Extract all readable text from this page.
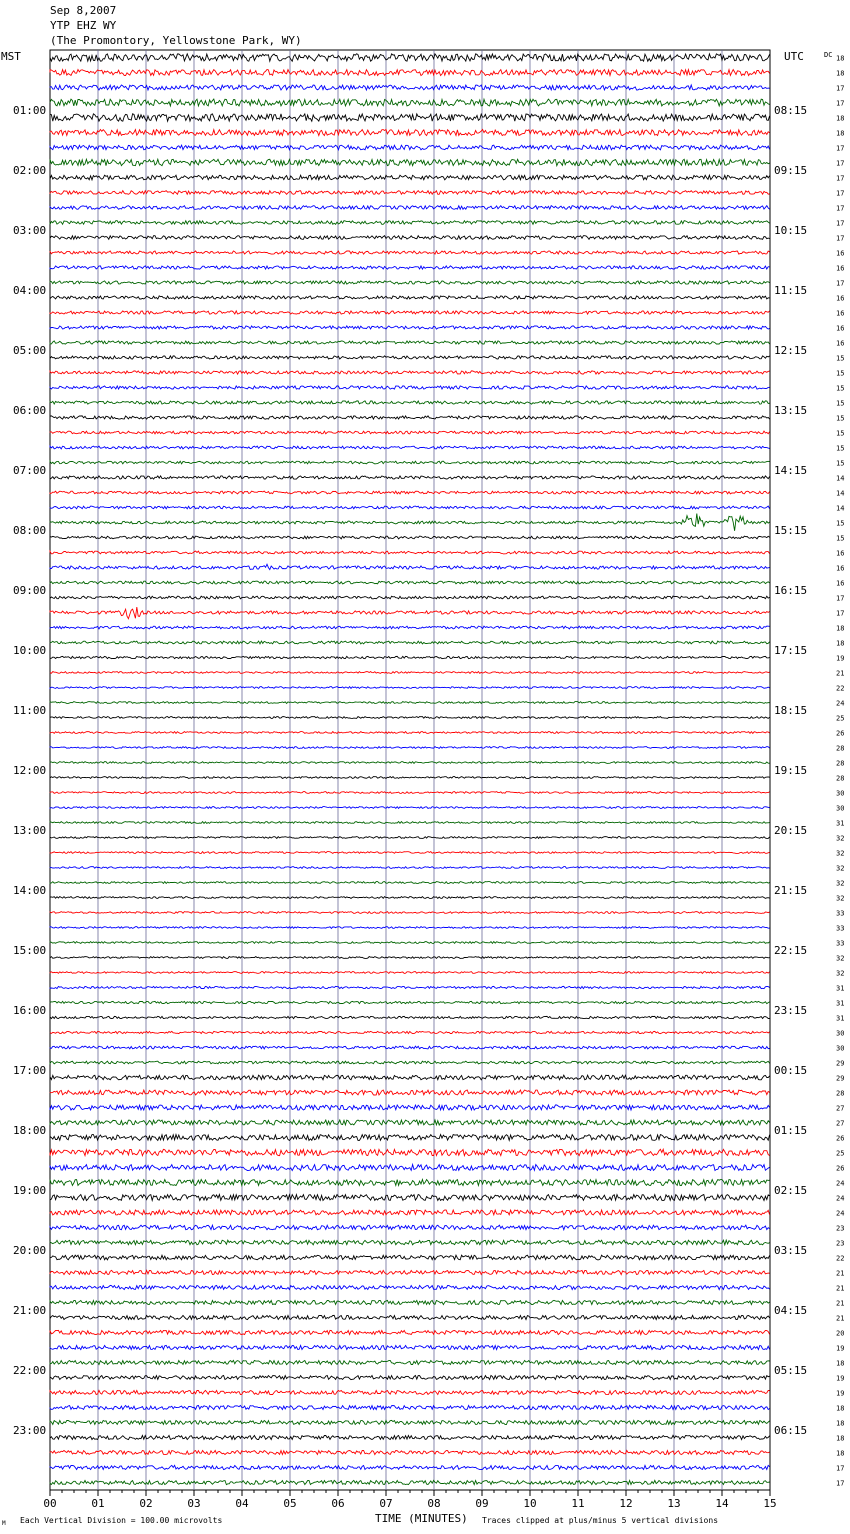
Sep 8,2007
YTP EHZ WY
(The Promontory, Yellowstone Park, WY)
MST	UTC	DC
TIME (MINUTES)
Each Vertical Division = 100.00 microvolts	Traces clipped at plus/minus 5 vertical divisions
M
18
18
17
17
18
18
17
17
17
17
17
17
17
16
16
17
16
16
16
16
15
15
15
15
15
15
15
15
14
14
14
15
15
16
16
16
17
17
18
18
19
21
22
24
25
26
28
28
28
30
30
31
32
32
32
32
32
33
33
33
32
32
31
31
31
30
30
29
29
28
27
27
26
25
26
24
24
24
23
23
22
21
21
21
21
20
19
18
19
19
18
18
18
18
17
17
01:00
02:00
03:00
04:00
05:00
06:00
07:00
08:00
09:00
10:00
11:00
12:00
13:00
14:00
15:00
16:00
17:00
18:00
19:00
20:00
21:00
22:00
23:00
08:15
09:15
10:15
11:15
12:15
13:15
14:15
15:15
16:15
17:15
18:15
19:15
20:15
21:15
22:15
23:15
00:15
01:15
02:15
03:15
04:15
05:15
06:15
00	01	02	03	04	05	06	07	08	09	10	11	12	13	14	15
